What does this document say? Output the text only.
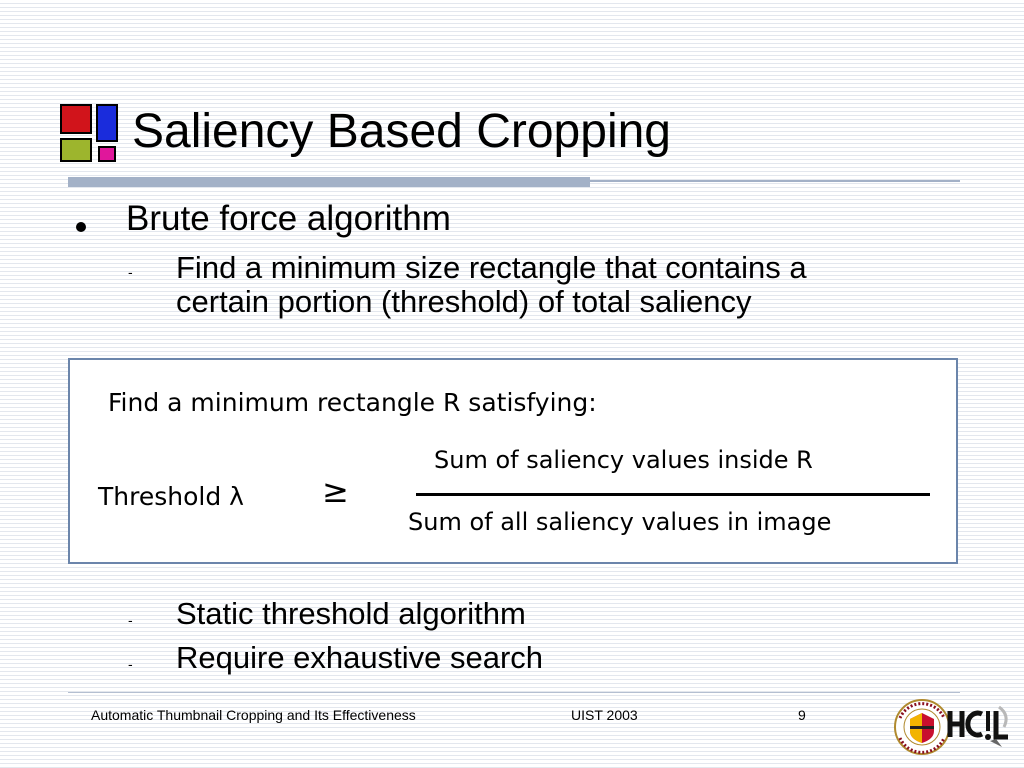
Saliency Based Cropping
Brute force algorithm
- Find a minimum size rectangle that contains a
certain portion (threshold) of total saliency
Find a minimum rectangle R satisfying:
Sum of saliency values inside R
Threshold λ ≥
Sum of all saliency values in image
- Static threshold algorithm
- Require exhaustive search
Automatic Thumbnail Cropping and Its Effectiveness	UIST 2003	9
